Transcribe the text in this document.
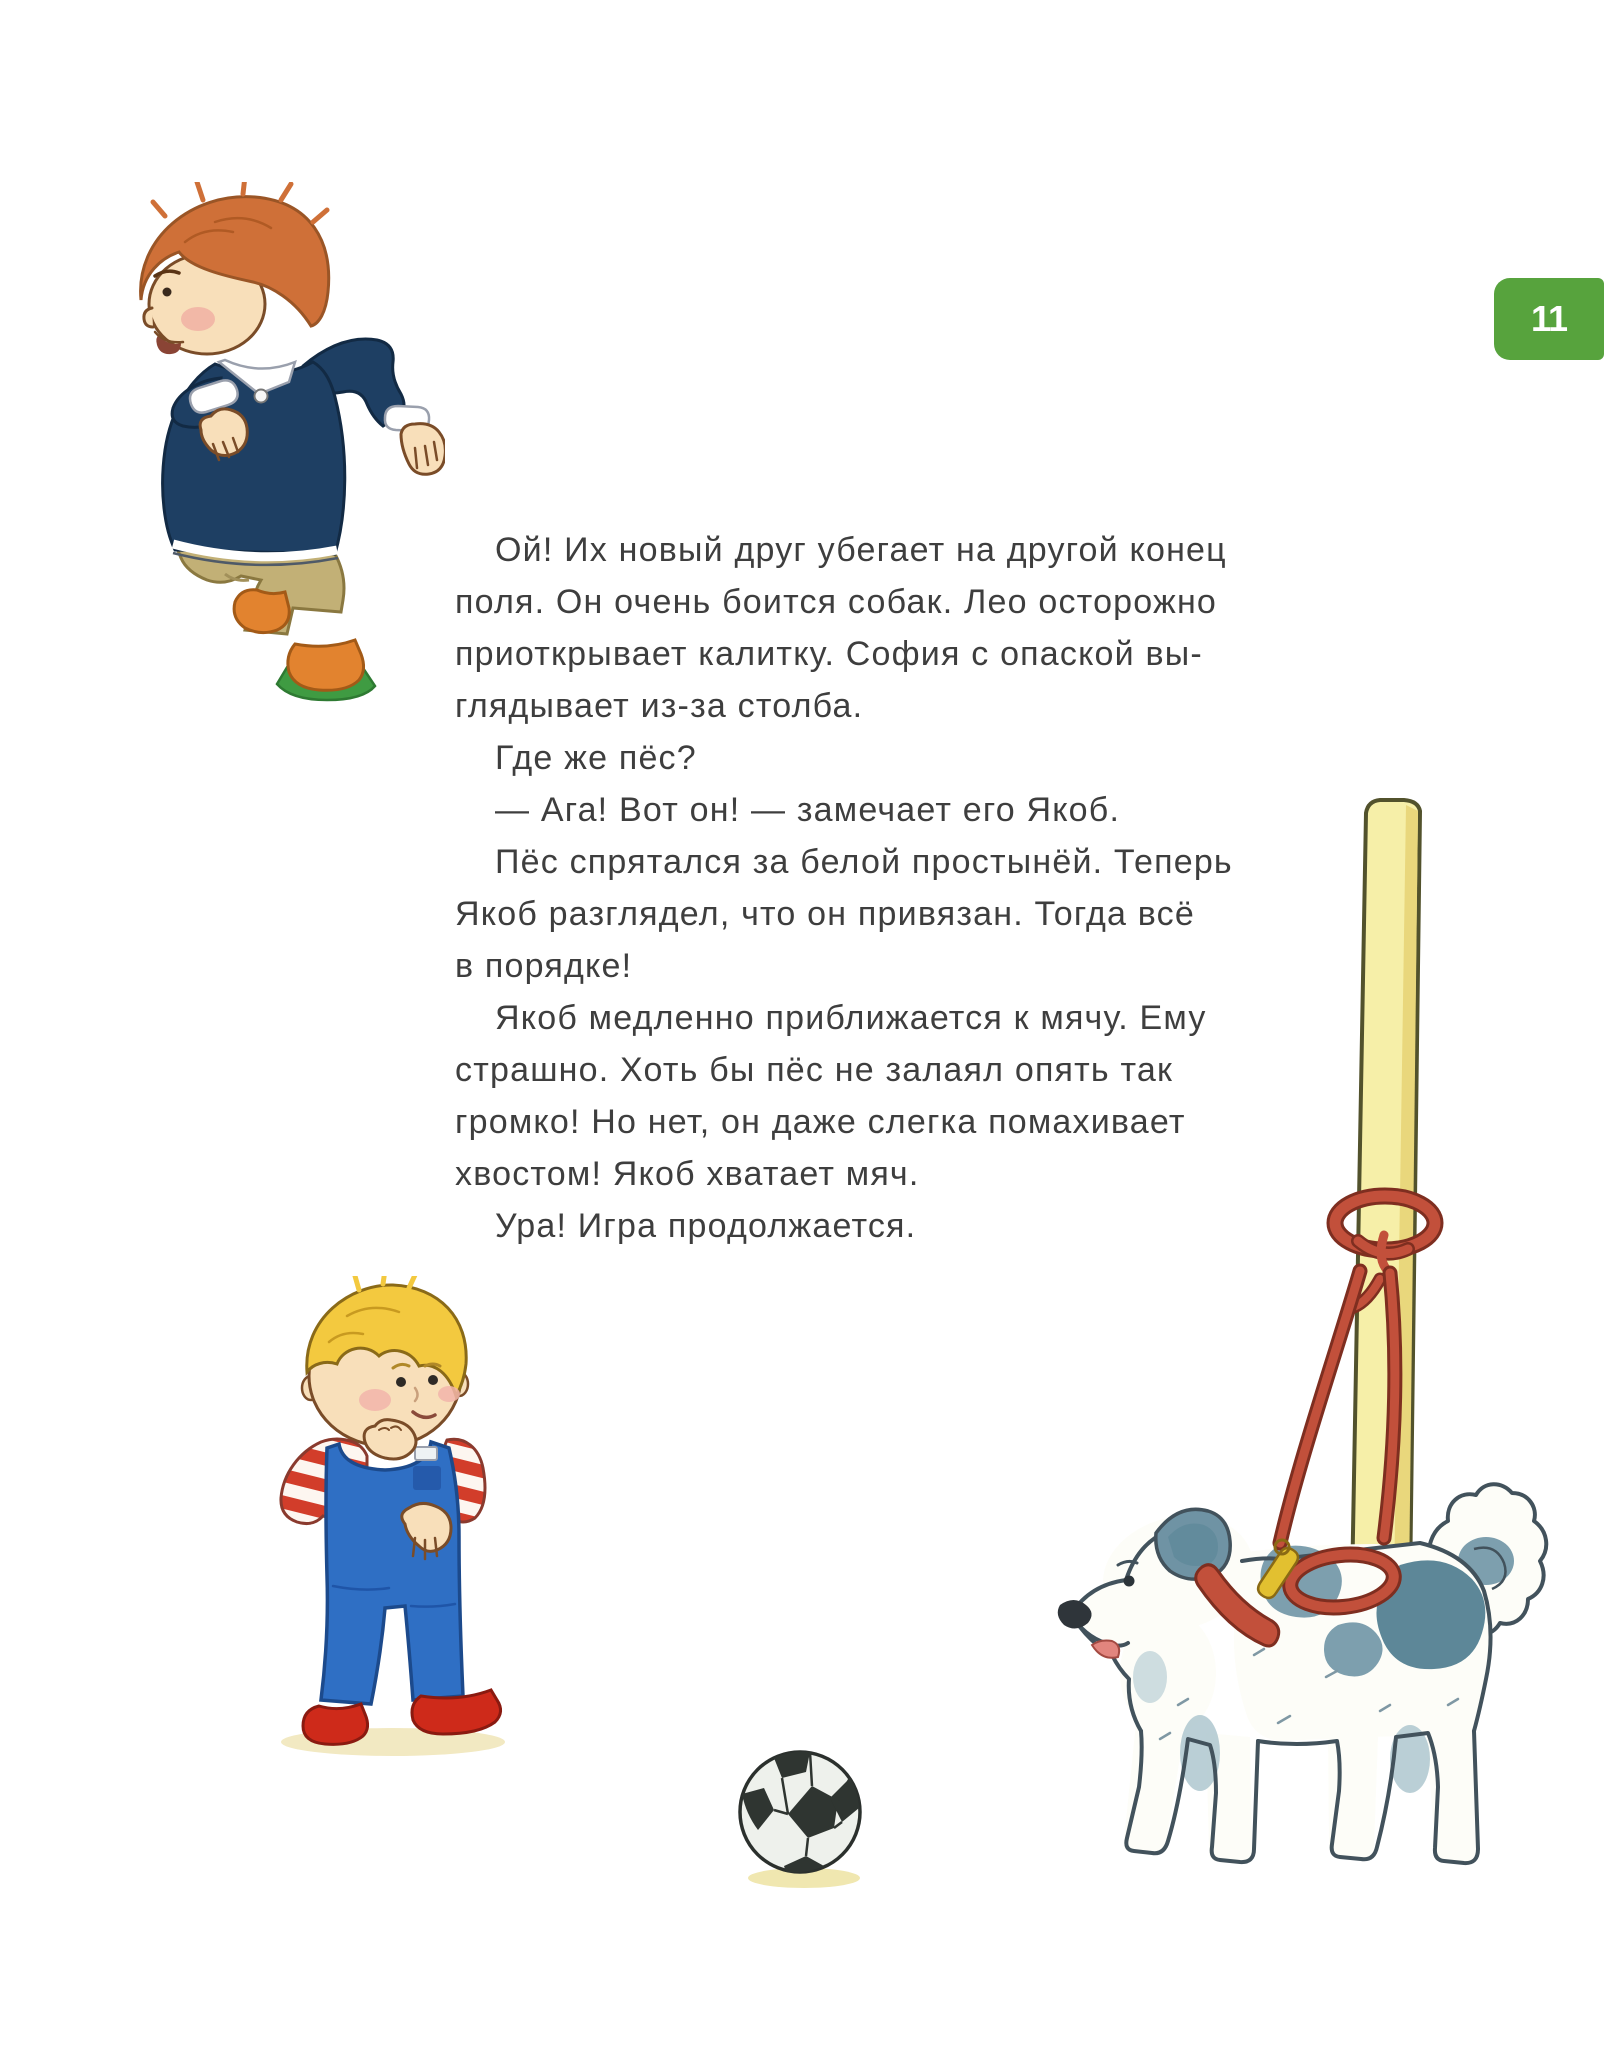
11
Ой! Их новый друг убегает на другой конец
поля. Он очень боится собак. Лео осторожно
приоткрывает калитку. София с опаской вы-
глядывает из-за столба.
Где же пёс?
— Ага! Вот он! — замечает его Якоб.
Пёс спрятался за белой простынёй. Теперь
Якоб разглядел, что он привязан. Тогда всё
в порядке!
Якоб медленно приближается к мячу. Ему
страшно. Хоть бы пёс не залаял опять так
громко! Но нет, он даже слегка помахивает
хвостом! Якоб хватает мяч.
Ура! Игра продолжается.
